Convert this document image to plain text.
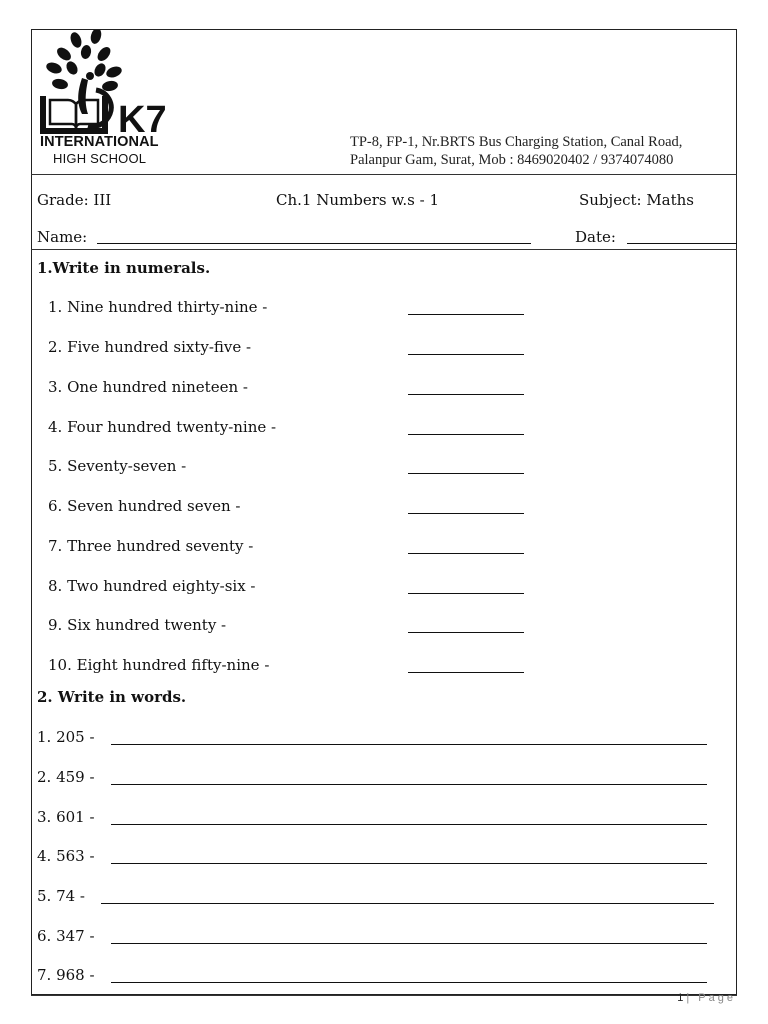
K7
INTERNATIONAL
HIGH SCHOOL
TP-8, FP-1, Nr.BRTS Bus Charging Station, Canal Road,
Palanpur Gam, Surat, Mob : 8469020402 / 9374074080
Grade: III	Ch.1 Numbers w.s - 1	Subject: Maths
Name:	Date:
1.Write in numerals.
1. Nine hundred thirty-nine -
2. Five hundred sixty-five -
3. One hundred nineteen -
4. Four hundred twenty-nine -
5. Seventy-seven -
6. Seven hundred seven -
7. Three hundred seventy -
8. Two hundred eighty-six -
9. Six hundred twenty -
10. Eight hundred fifty-nine -
2. Write in words.
1. 205 -
2. 459 -
3. 601 -
4. 563 -
5. 74 -
6. 347 -
7. 968 -
1 | Page
